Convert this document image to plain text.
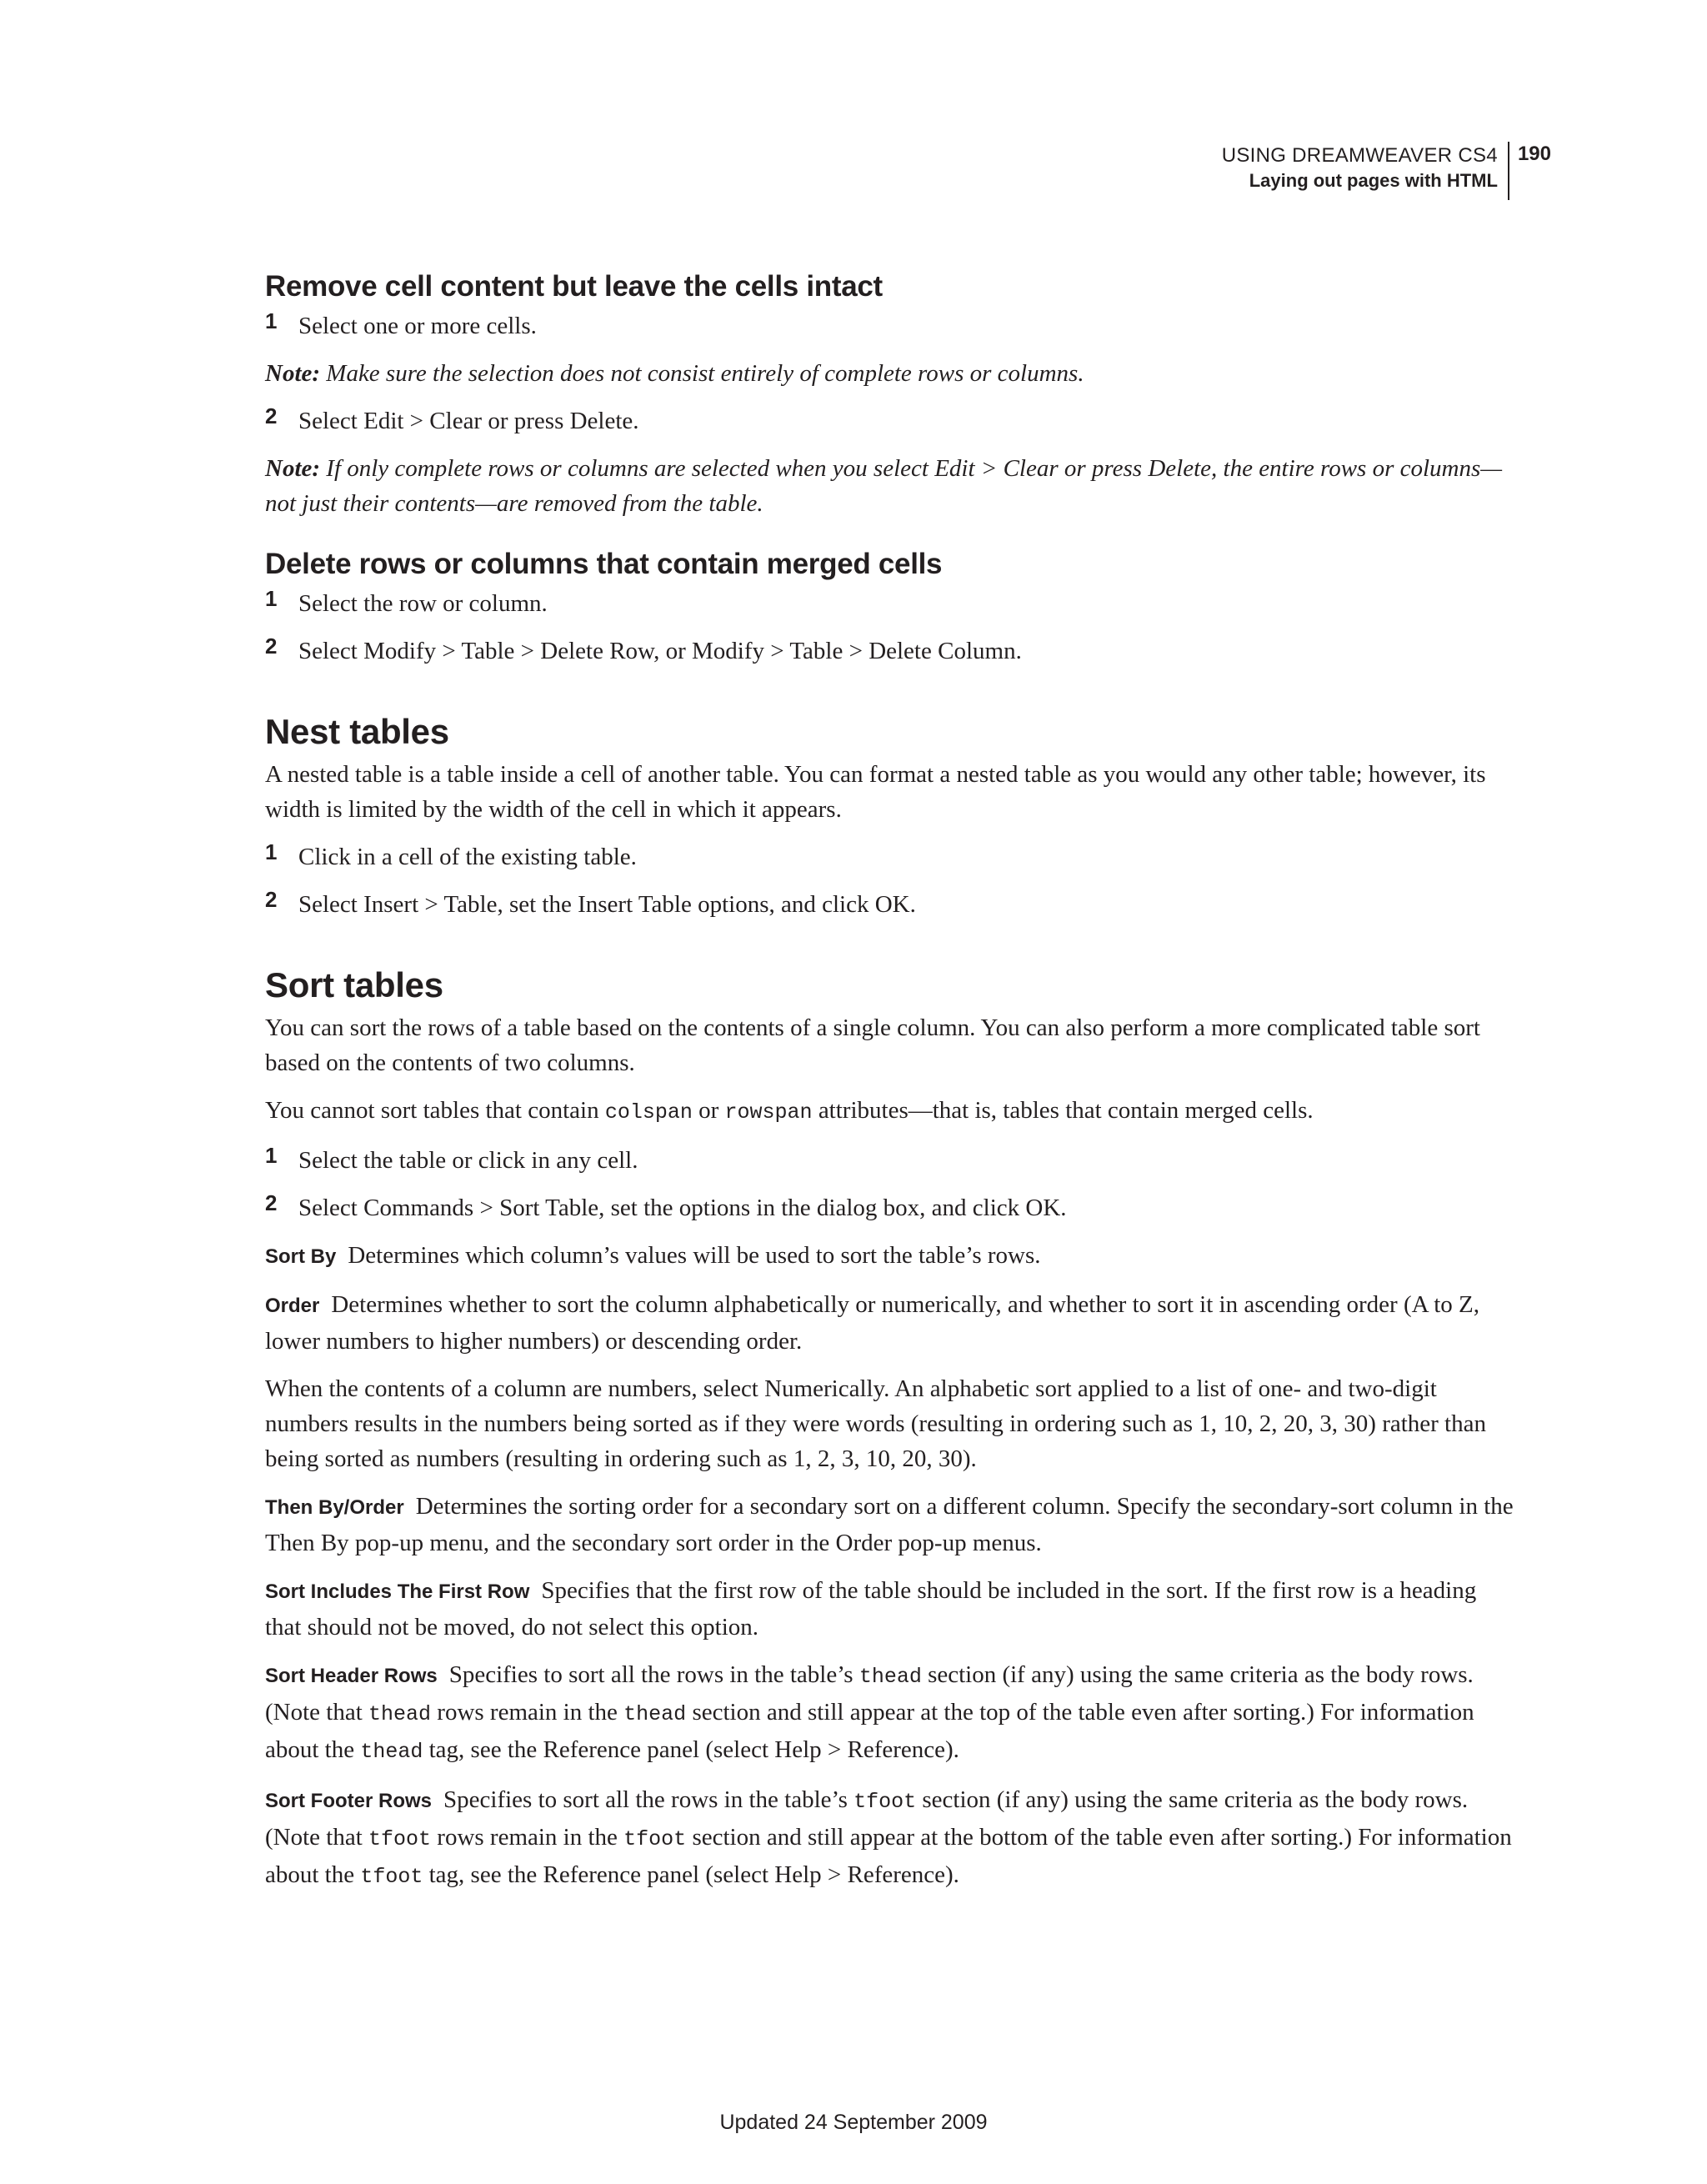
USING DREAMWEAVER CS4
Laying out pages with HTML
190
Remove cell content but leave the cells intact
1 Select one or more cells.

Note: Make sure the selection does not consist entirely of complete rows or columns.

2 Select Edit > Clear or press Delete.

Note: If only complete rows or columns are selected when you select Edit > Clear or press Delete, the entire rows or columns—not just their contents—are removed from the table.

Delete rows or columns that contain merged cells
1 Select the row or column.

2 Select Modify > Table > Delete Row, or Modify > Table > Delete Column.

Nest tables

A nested table is a table inside a cell of another table. You can format a nested table as you would any other table; however, its width is limited by the width of the cell in which it appears.

1 Click in a cell of the existing table.

2 Select Insert > Table, set the Insert Table options, and click OK.

Sort tables

You can sort the rows of a table based on the contents of a single column. You can also perform a more complicated table sort based on the contents of two columns.

You cannot sort tables that contain colspan or rowspan attributes—that is, tables that contain merged cells.

1 Select the table or click in any cell.

2 Select Commands > Sort Table, set the options in the dialog box, and click OK.

Sort By Determines which column’s values will be used to sort the table’s rows.

Order Determines whether to sort the column alphabetically or numerically, and whether to sort it in ascending order (A to Z, lower numbers to higher numbers) or descending order.

When the contents of a column are numbers, select Numerically. An alphabetic sort applied to a list of one- and two-digit numbers results in the numbers being sorted as if they were words (resulting in ordering such as 1, 10, 2, 20, 3, 30) rather than being sorted as numbers (resulting in ordering such as 1, 2, 3, 10, 20, 30).

Then By/Order Determines the sorting order for a secondary sort on a different column. Specify the secondary-sort column in the Then By pop-up menu, and the secondary sort order in the Order pop-up menus.

Sort Includes The First Row Specifies that the first row of the table should be included in the sort. If the first row is a heading that should not be moved, do not select this option.

Sort Header Rows Specifies to sort all the rows in the table’s thead section (if any) using the same criteria as the body rows. (Note that thead rows remain in the thead section and still appear at the top of the table even after sorting.) For information about the thead tag, see the Reference panel (select Help > Reference).

Sort Footer Rows Specifies to sort all the rows in the table’s tfoot section (if any) using the same criteria as the body rows. (Note that tfoot rows remain in the tfoot section and still appear at the bottom of the table even after sorting.) For information about the tfoot tag, see the Reference panel (select Help > Reference).

Updated 24 September 2009
